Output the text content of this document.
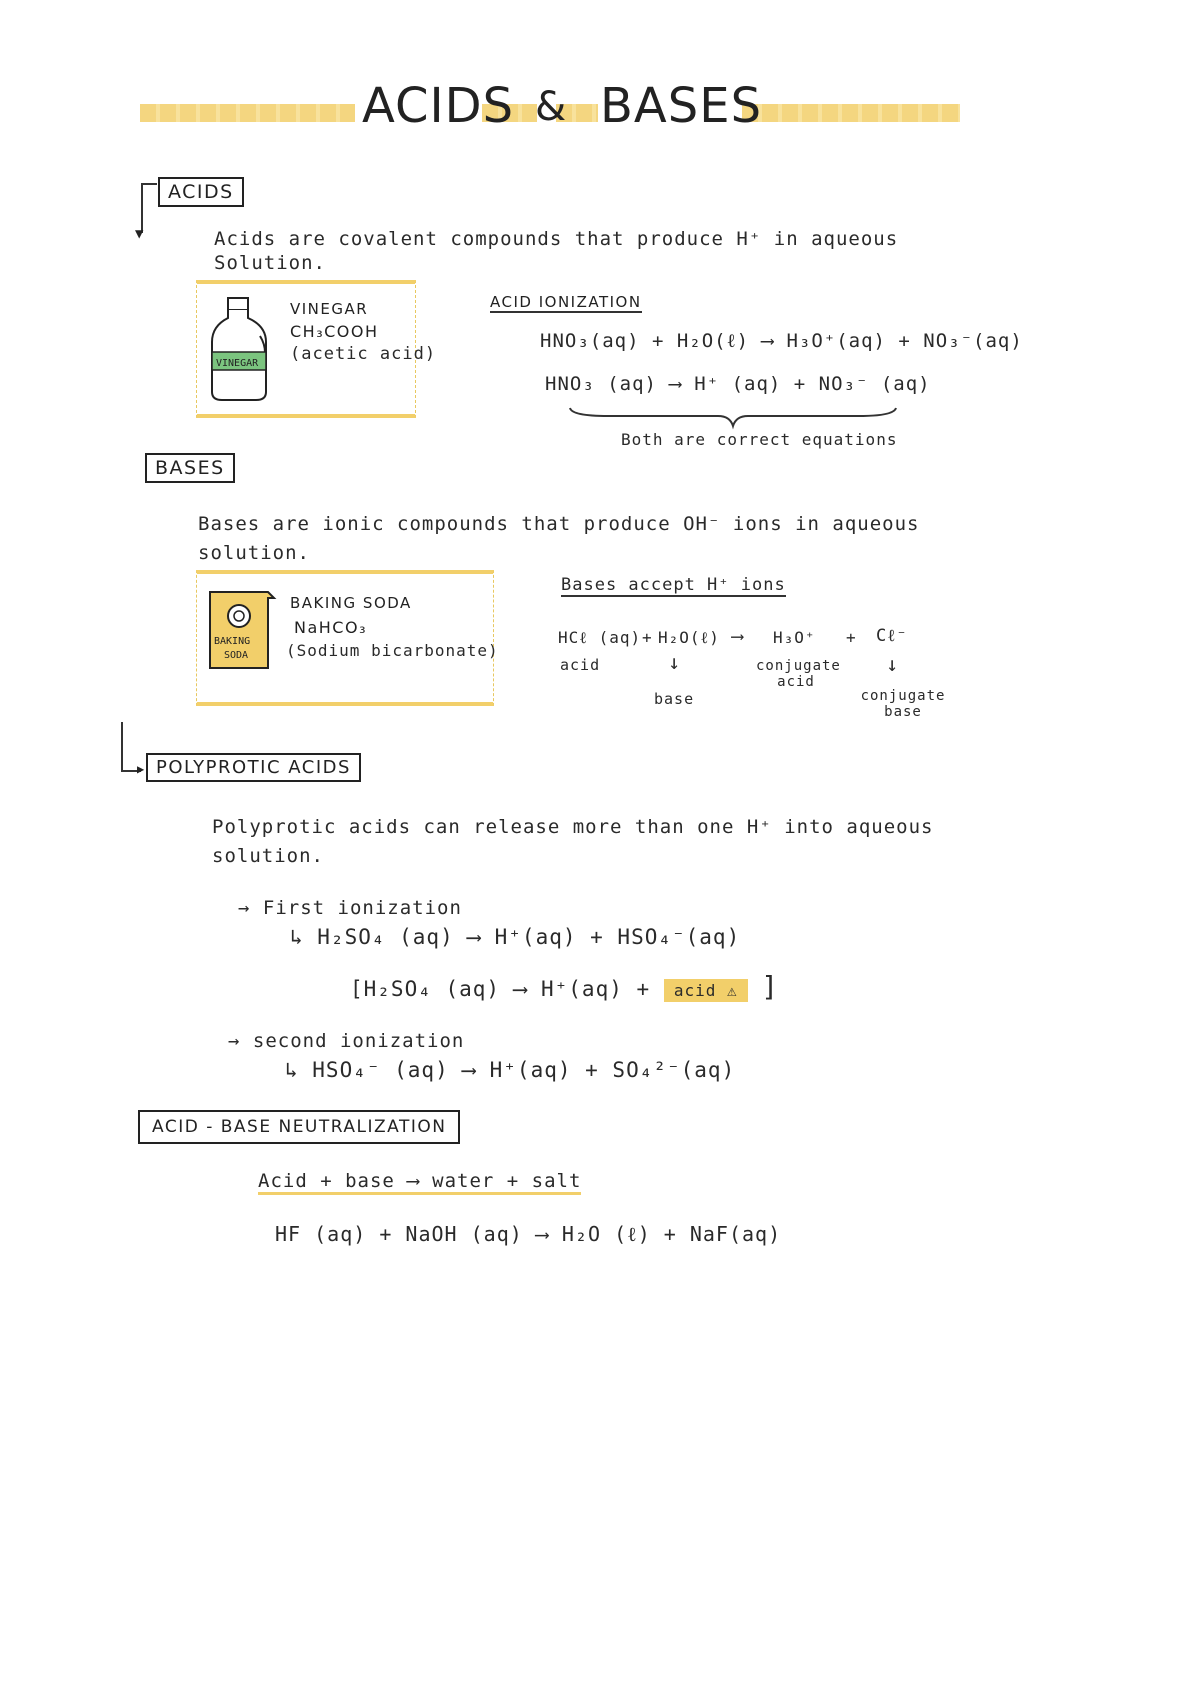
ACIDS & BASES
▼
ACIDS
Acids are covalent compounds that produce H⁺ in aqueous
Solution.
VINEGAR
VINEGAR
CH₃COOH
(acetic acid)
ACID IONIZATION
HNO₃(aq) + H₂O(ℓ) ⟶ H₃O⁺(aq) + NO₃⁻(aq)
HNO₃ (aq) ⟶ H⁺ (aq) + NO₃⁻ (aq)
Both are correct equations
BASES
Bases are ionic compounds that produce OH⁻ ions in aqueous
solution.
BAKING
SODA
BAKING SODA
NaHCO₃
(Sodium bicarbonate)
Bases accept H⁺ ions
HCℓ (aq) + H₂O(ℓ) ⟶ H₃O⁺ + Cℓ⁻
acid	↓
base
conjugate acid
↓
conjugate base
▶ POLYPROTIC ACIDS
Polyprotic acids can release more than one H⁺ into aqueous
solution.
→ First ionization
↳ H₂SO₄ (aq) ⟶ H⁺(aq) + HSO₄⁻(aq)
[H₂SO₄ (aq) ⟶ H⁺(aq) + acid ⚠ ]
→ second ionization
↳ HSO₄⁻ (aq) ⟶ H⁺(aq) + SO₄²⁻(aq)
ACID - BASE NEUTRALIZATION
Acid + base ⟶ water + salt
HF (aq) + NaOH (aq) ⟶ H₂O (ℓ) + NaF(aq)
